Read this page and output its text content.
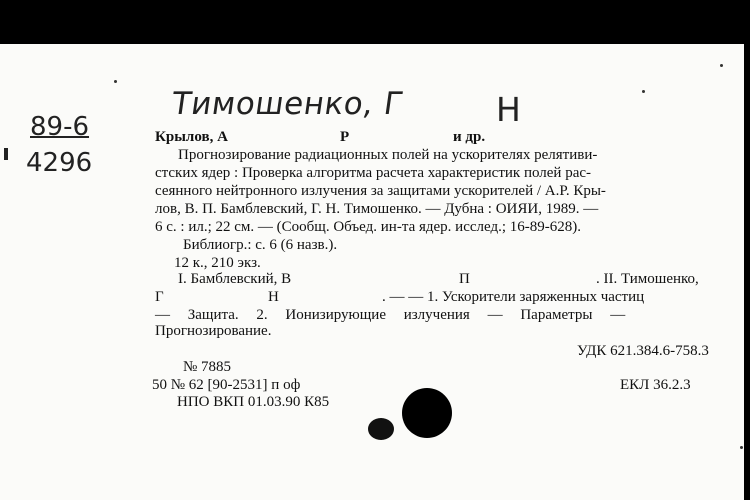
Тимошенко, Г	Н
89-6
4296
Крылов, А	Р	и др.
Прогнозирование радиационных полей на ускорителях релятиви-
стских ядер : Проверка алгоритма расчета характеристик полей рас-
сеянного нейтронного излучения за защитами ускорителей / А.Р. Кры-
лов, В. П. Бамблевский, Г. Н. Тимошенко. — Дубна : ОИЯИ, 1989. —
6 с. : ил.; 22 см. — (Сообщ. Объед. ин-та ядер. исслед.; 16-89-628).
Библиогр.: с. 6 (6 назв.).
12 к., 210 экз.
I. Бамблевский, В	П	. II. Тимошенко,
Г	Н	. — — 1. Ускорители заряженных частиц
— Защита. 2. Ионизирующие излучения — Параметры —
Прогнозирование.
УДК 621.384.6-758.3
№ 7885
50 № 62 [90-2531] п оф	ЕКЛ 36.2.3
НПО ВКП 01.03.90 К85
